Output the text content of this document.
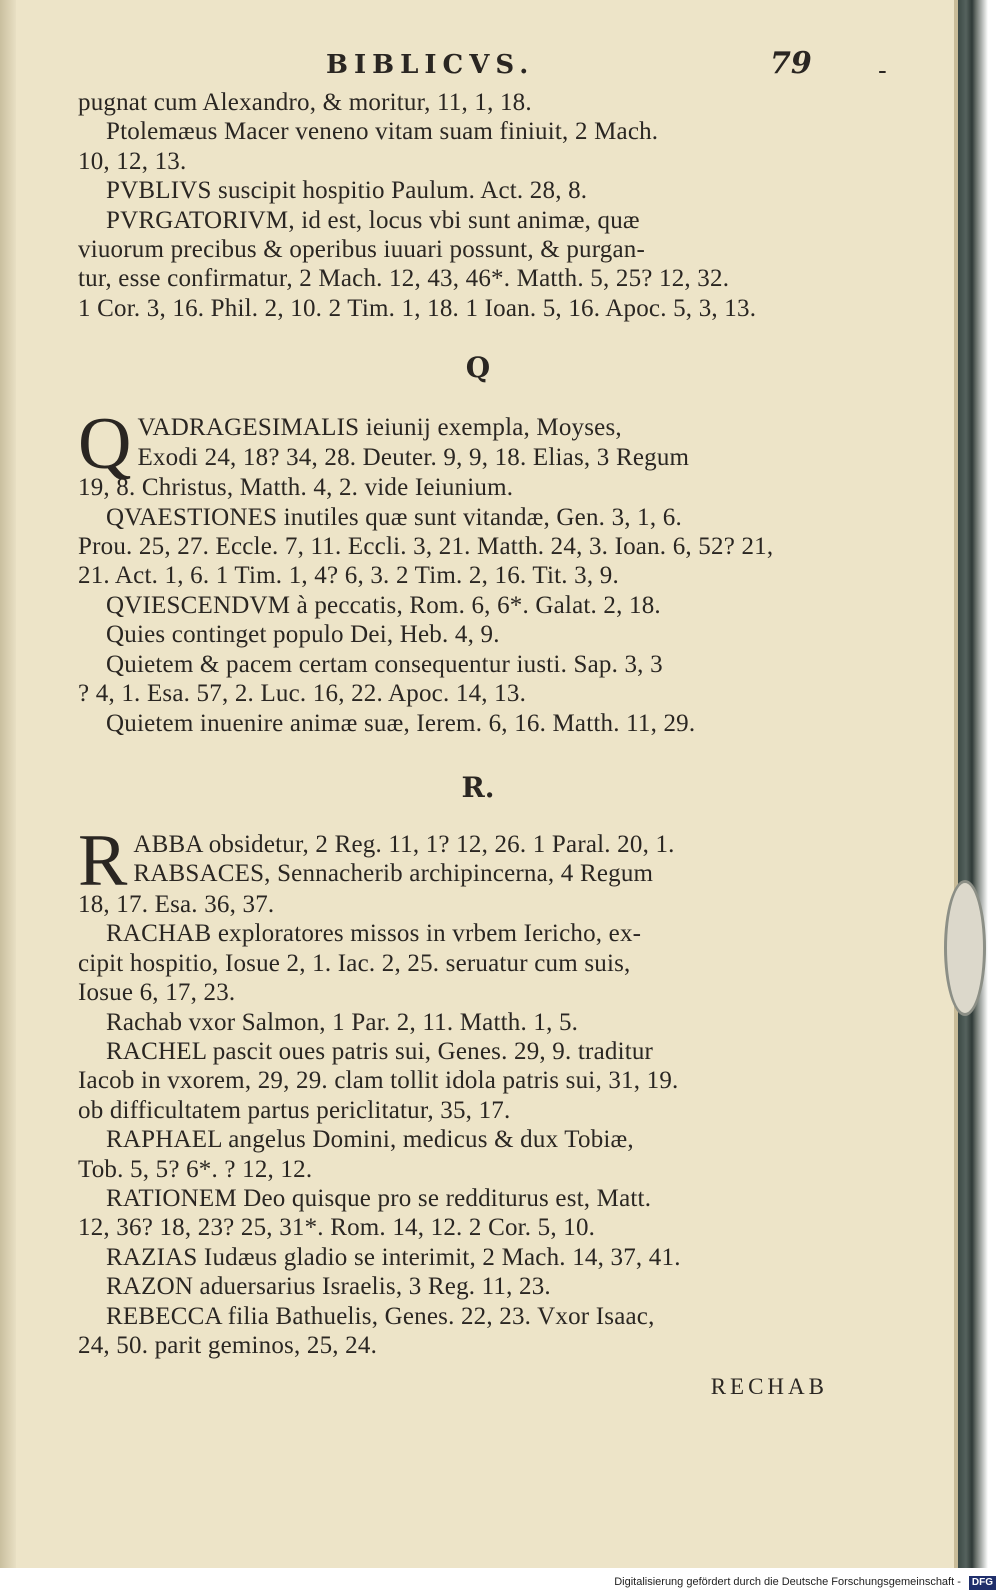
BIBLICVS.	79	-
pugnat cum Alexandro, & moritur, 11, 1, 18.
Ptolemæus Macer veneno vitam suam finiuit, 2 Mach.
10, 12, 13.
PVBLIVS suscipit hospitio Paulum. Act. 28, 8.
PVRGATORIVM, id est, locus vbi sunt animæ, quæ
viuorum precibus & operibus iuuari possunt, & purgan-
tur, esse confirmatur, 2 Mach. 12, 43, 46*. Matth. 5, 25? 12, 32.
1 Cor. 3, 16. Phil. 2, 10. 2 Tim. 1, 18. 1 Ioan. 5, 16. Apoc. 5, 3, 13.
Q
Q VADRAGESIMALIS ieiunij exempla, Moyses,
Exodi 24, 18? 34, 28. Deuter. 9, 9, 18. Elias, 3 Regum
19, 8. Christus, Matth. 4, 2. vide Ieiunium.
QVAESTIONES inutiles quæ sunt vitandæ, Gen. 3, 1, 6.
Prou. 25, 27. Eccle. 7, 11. Eccli. 3, 21. Matth. 24, 3. Ioan. 6, 52? 21,
21. Act. 1, 6. 1 Tim. 1, 4? 6, 3. 2 Tim. 2, 16. Tit. 3, 9.
QVIESCENDVM à peccatis, Rom. 6, 6*. Galat. 2, 18.
Quies continget populo Dei, Heb. 4, 9.
Quietem & pacem certam consequentur iusti. Sap. 3, 3
? 4, 1. Esa. 57, 2. Luc. 16, 22. Apoc. 14, 13.
Quietem inuenire animæ suæ, Ierem. 6, 16. Matth. 11, 29.
R.
R ABBA obsidetur, 2 Reg. 11, 1? 12, 26. 1 Paral. 20, 1.
RABSACES, Sennacherib archipincerna, 4 Regum
18, 17. Esa. 36, 37.
RACHAB exploratores missos in vrbem Iericho, ex-
cipit hospitio, Iosue 2, 1. Iac. 2, 25. seruatur cum suis,
Iosue 6, 17, 23.
Rachab vxor Salmon, 1 Par. 2, 11. Matth. 1, 5.
RACHEL pascit oues patris sui, Genes. 29, 9. traditur
Iacob in vxorem, 29, 29. clam tollit idola patris sui, 31, 19.
ob difficultatem partus periclitatur, 35, 17.
RAPHAEL angelus Domini, medicus & dux Tobiæ,
Tob. 5, 5? 6*. ? 12, 12.
RATIONEM Deo quisque pro se redditurus est, Matt.
12, 36? 18, 23? 25, 31*. Rom. 14, 12. 2 Cor. 5, 10.
RAZIAS Iudæus gladio se interimit, 2 Mach. 14, 37, 41.
RAZON aduersarius Israelis, 3 Reg. 11, 23.
REBECCA filia Bathuelis, Genes. 22, 23. Vxor Isaac,
24, 50. parit geminos, 25, 24.
RECHAB
Digitalisierung gefördert durch die Deutsche Forschungsgemeinschaft - DFG
